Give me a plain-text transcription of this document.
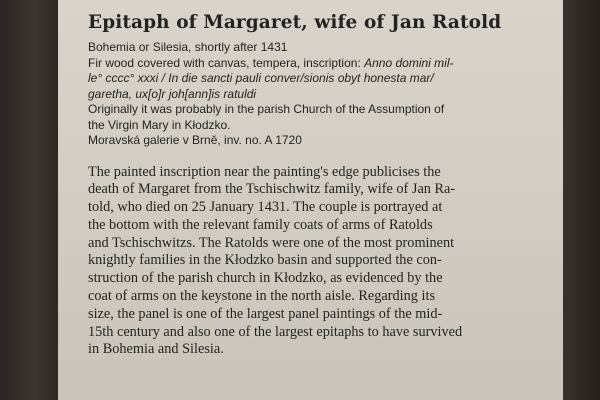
Epitaph of Margaret, wife of Jan Ratold

Bohemia or Silesia, shortly after 1431

Fir wood covered with canvas, tempera, inscription: Anno domini mil-

le° cccc° xxxi / In die sancti pauli conver/sionis obyt honesta mar/

garetha, ux[o]r joh[ann]is ratuldi

Originally it was probably in the parish Church of the Assumption of

the Virgin Mary in Kłodzko.

Moravská galerie v Brně, inv. no. A 1720

The painted inscription near the painting's edge publicises the
death of Margaret from the Tschischwitz family, wife of Jan Ra-
told, who died on 25 January 1431. The couple is portrayed at
the bottom with the relevant family coats of arms of Ratolds
and Tschischwitzs. The Ratolds were one of the most prominent
knightly families in the Kłodzko basin and supported the con-
struction of the parish church in Kłodzko, as evidenced by the
coat of arms on the keystone in the north aisle. Regarding its
size, the panel is one of the largest panel paintings of the mid-
15th century and also one of the largest epitaphs to have survived
in Bohemia and Silesia.
